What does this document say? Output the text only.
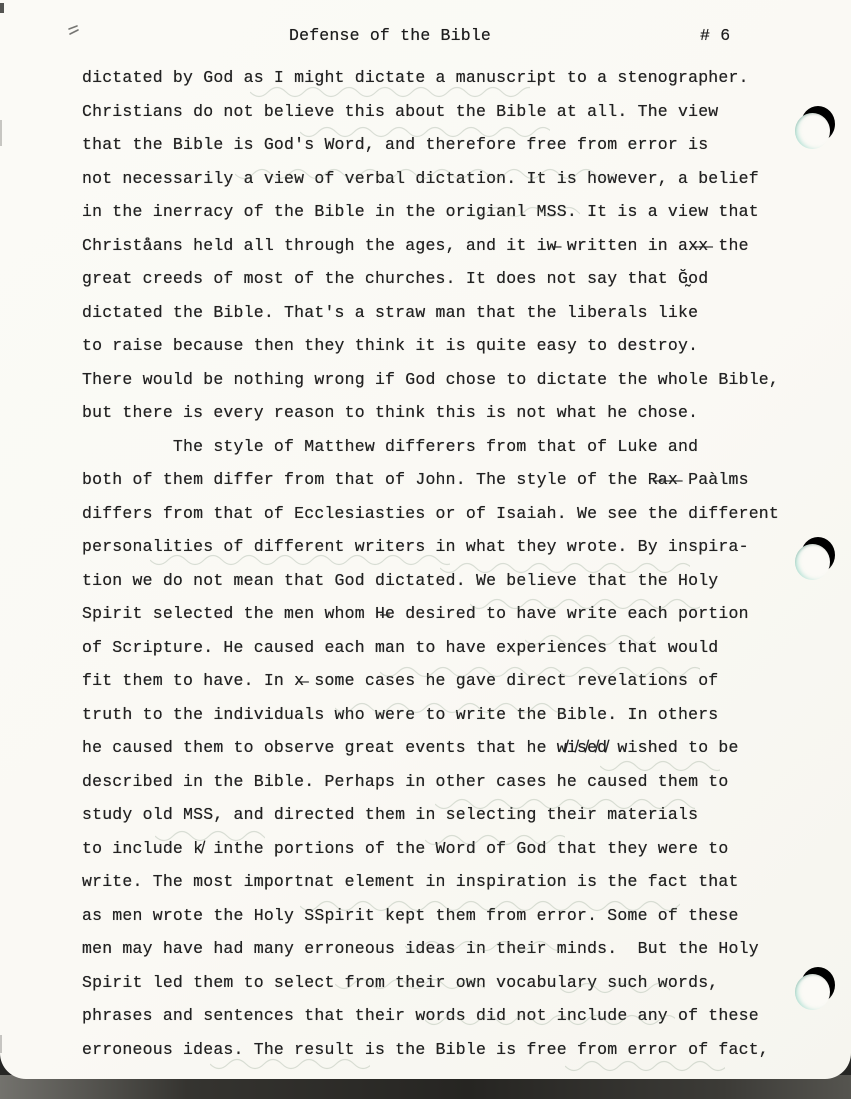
Defense of the Bible	# 6
dictated by God as I might dictate a manuscript to a stenographer.
Christians do not believe this about the Bible at all. The view
that the Bible is God's Word, and therefore free from error is
not necessarily a view of verbal dictation. It is however, a belief
in the inerracy of the Bible in the origianl MSS. It is a view that
Christåans held all through the ages, and it iw̶ written in ax̶x̶ the
great creeds of most of the churches. It does not say that Ğ̰od
dictated the Bible. That's a straw man that the liberals like
to raise because then they think it is quite easy to destroy.
There would be nothing wrong if God chose to dictate the whole Bible,
but there is every reason to think this is not what he chose.
The style of Matthew differers from that of Luke and
both of them differ from that of John. The style of the R̶a̶x̶ Paàlms
differs from that of Ecclesiasties or of Isaiah. We see the different
personalities of different writers in what they wrote. By inspira-
tion we do not mean that God dictated. We believe that the Holy
Spirit selected the men whom H̶e desired to have write each portion
of Scripture. He caused each man to have experiences that would
fit them to have. In x̶ some cases he gave direct revelations of
truth to the individuals who were to write the Bible. In others
he caused them to observe great events that he w̸i̸s̸e̸d̸ wished to be
described in the Bible. Perhaps in other cases he caused them to
study old MSS, and directed them in selecting their materials
to include k̸ inthe portions of the Word of God that they were to
write. The most importnat element in inspiration is the fact that
as men wrote the Holy SSpirit kept them from error. Some of these
men may have had many erroneous ideas in their minds.  But the Holy
Spirit led them to select from their own vocabulary such words,
phrases and sentences that their words did not include any of these
erroneous ideas. The result is the Bible is free from error of fact,
